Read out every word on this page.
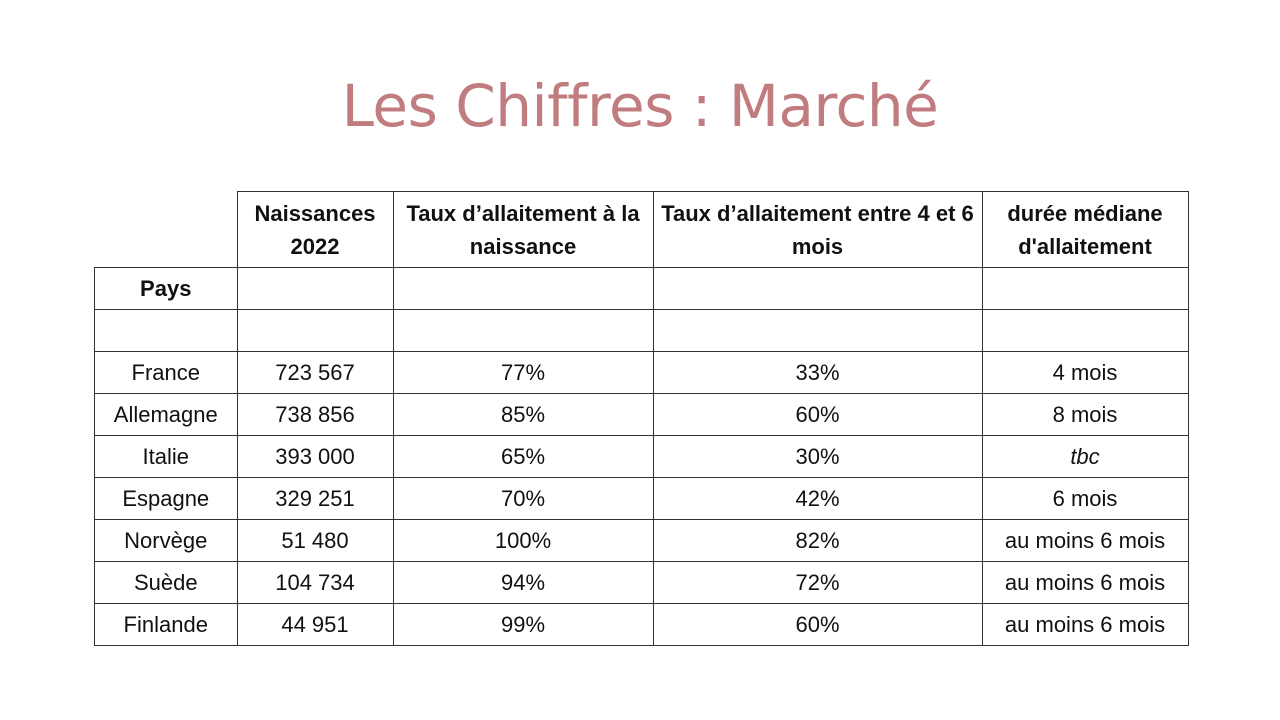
Les Chiffres : Marché
	Naissances 2022	Taux d’allaitement à la naissance	Taux d’allaitement entre 4 et 6 mois	durée médiane d'allaitement
Pays				

France	723 567	77%	33%	4 mois
Allemagne	738 856	85%	60%	8 mois
Italie	393 000	65%	30%	tbc
Espagne	329 251	70%	42%	6 mois
Norvège	51 480	100%	82%	au moins 6 mois
Suède	104 734	94%	72%	au moins 6 mois
Finlande	44 951	99%	60%	au moins 6 mois
